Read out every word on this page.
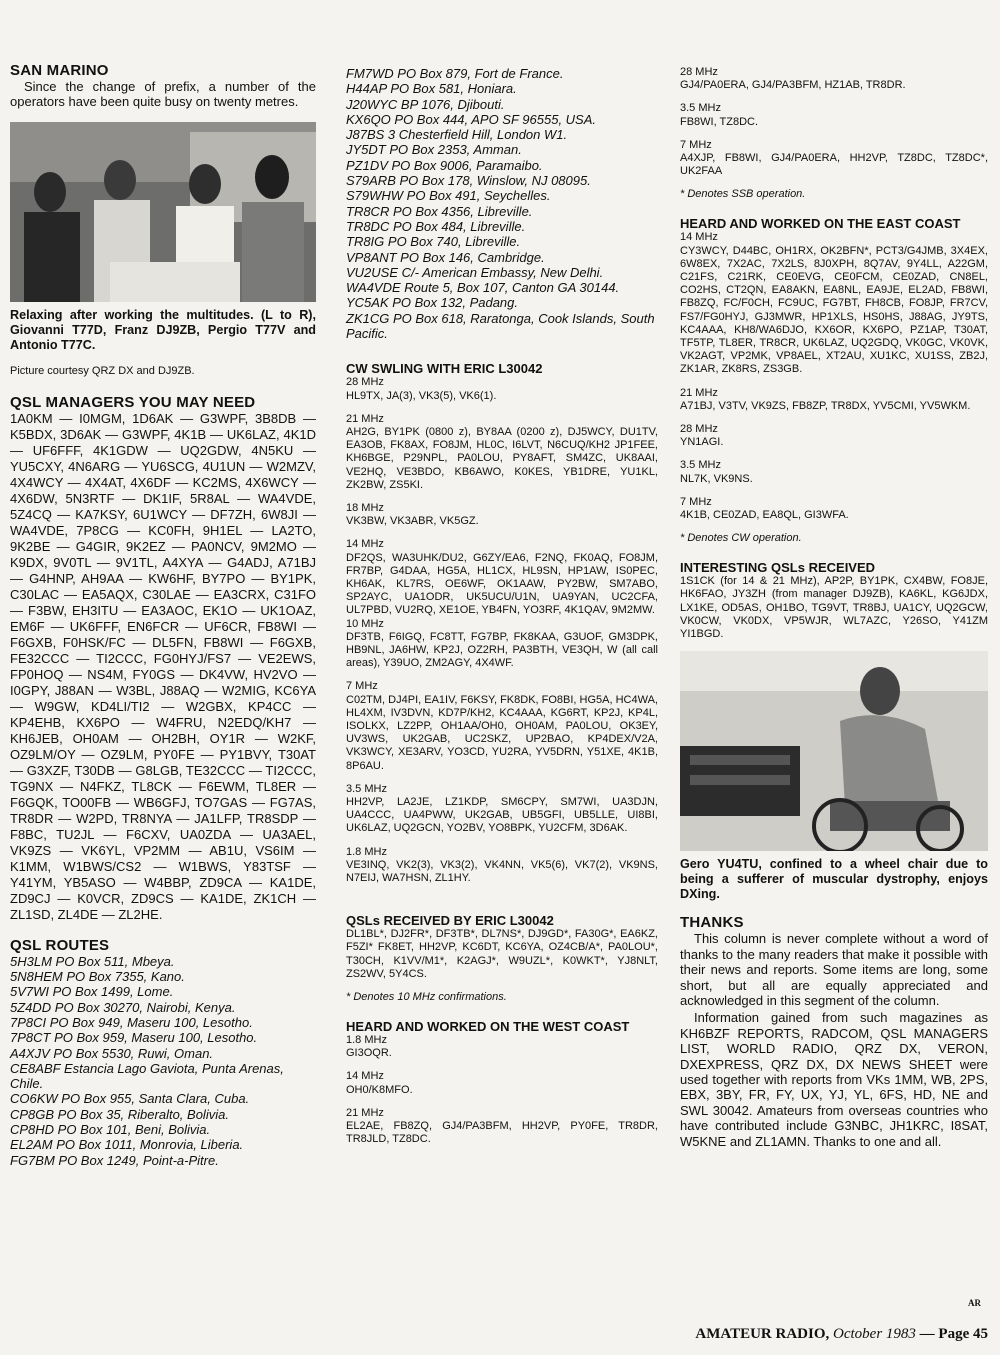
SAN MARINO

Since the change of prefix, a number of the operators have been quite busy on twenty metres.

Relaxing after working the multitudes. (L to R), Giovanni T77D, Franz DJ9ZB, Pergio T77V and Antonio T77C.

Picture courtesy QRZ DX and DJ9ZB.

QSL MANAGERS YOU MAY NEED

1A0KM — I0MGM, 1D6AK — G3WPF, 3B8DB — K5BDX, 3D6AK — G3WPF, 4K1B — UK6LAZ, 4K1D — UF6FFF, 4K1GDW — UQ2GDW, 4N5KU — YU5CXY, 4N6ARG — YU6SCG, 4U1UN — W2MZV, 4X4WCY — 4X4AT, 4X6DF — KC2MS, 4X6WCY — 4X6DW, 5N3RTF — DK1IF, 5R8AL — WA4VDE, 5Z4CQ — KA7KSY, 6U1WCY — DF7ZH, 6W8JI — WA4VDE, 7P8CG — KC0FH, 9H1EL — LA2TO, 9K2BE — G4GIR, 9K2EZ — PA0NCV, 9M2MO — K9DX, 9V0TL — 9V1TL, A4XYA — G4ADJ, A71BJ — G4HNP, AH9AA — KW6HF, BY7PO — BY1PK, C30LAC — EA5AQX, C30LAE — EA3CRX, C31FO — F3BW, EH3ITU — EA3AOC, EK1O — UK1OAZ, EM6F — UK6FFF, EN6FCR — UF6CR, FB8WI — F6GXB, F0HSK/FC — DL5FN, FB8WI — F6GXB, FE32CCC — TI2CCC, FG0HYJ/FS7 — VE2EWS, FP0HOQ — NS4M, FY0GS — DK4VW, HV2VO — I0GPY, J88AN — W3BL, J88AQ — W2MIG, KC6YA — W9GW, KD4LI/TI2 — W2GBX, KP4CC — KP4EHB, KX6PO — W4FRU, N2EDQ/KH7 — KH6JEB, OH0AM — OH2BH, OY1R — W2KF, OZ9LM/OY — OZ9LM, PY0FE — PY1BVY, T30AT — G3XZF, T30DB — G8LGB, TE32CCC — TI2CCC, TG9NX — N4FKZ, TL8CK — F6EWM, TL8ER — F6GQK, TO00FB — WB6GFJ, TO7GAS — FG7AS, TR8DR — W2PD, TR8NYA — JA1LFP, TR8SDP — F8BC, TU2JL — F6CXV, UA0ZDA — UA3AEL, VK9ZS — VK6YL, VP2MM — AB1U, VS6IM — K1MM, W1BWS/CS2 — W1BWS, Y83TSF — Y41YM, YB5ASO — W4BBP, ZD9CA — KA1DE, ZD9CJ — K0VCR, ZD9CS — KA1DE, ZK1CH — ZL1SD, ZL4DE — ZL2HE.

QSL ROUTES

5H3LM PO Box 511, Mbeya.

5N8HEM PO Box 7355, Kano.

5V7WI PO Box 1499, Lome.

5Z4DD PO Box 30270, Nairobi, Kenya.

7P8CI PO Box 949, Maseru 100, Lesotho.

7P8CT PO Box 959, Maseru 100, Lesotho.

A4XJV PO Box 5530, Ruwi, Oman.

CE8ABF Estancia Lago Gaviota, Punta Arenas, Chile.

CO6KW PO Box 955, Santa Clara, Cuba.

CP8GB PO Box 35, Riberalto, Bolivia.

CP8HD PO Box 101, Beni, Bolivia.

EL2AM PO Box 1011, Monrovia, Liberia.

FG7BM PO Box 1249, Point-a-Pitre.

FM7WD PO Box 879, Fort de France.

H44AP PO Box 581, Honiara.

J20WYC BP 1076, Djibouti.

KX6QO PO Box 444, APO SF 96555, USA.

J87BS 3 Chesterfield Hill, London W1.

JY5DT PO Box 2353, Amman.

PZ1DV PO Box 9006, Paramaibo.

S79ARB PO Box 178, Winslow, NJ 08095.

S79WHW PO Box 491, Seychelles.

TR8CR PO Box 4356, Libreville.

TR8DC PO Box 484, Libreville.

TR8IG PO Box 740, Libreville.

VP8ANT PO Box 146, Cambridge.

VU2USE C/- American Embassy, New Delhi.

WA4VDE Route 5, Box 107, Canton GA 30144.

YC5AK PO Box 132, Padang.

ZK1CG PO Box 618, Raratonga, Cook Islands, South Pacific.

CW SWLING WITH ERIC L30042

28 MHz

HL9TX, JA(3), VK3(5), VK6(1).

21 MHz

AH2G, BY1PK (0800 z), BY8AA (0200 z), DJ5WCY, DU1TV, EA3OB, FK8AX, FO8JM, HL0C, I6LVT, N6CUQ/KH2 JP1FEE, KH6BGE, P29NPL, PA0LOU, PY8AFT, SM4ZC, UK8AAI, VE2HQ, VE3BDO, KB6AWO, K0KES, YB1DRE, YU1KL, ZK2BW, ZS5KI.

18 MHz

VK3BW, VK3ABR, VK5GZ.

14 MHz

DF2QS, WA3UHK/DU2, G6ZY/EA6, F2NQ, FK0AQ, FO8JM, FR7BP, G4DAA, HG5A, HL1CX, HL9SN, HP1AW, IS0PEC, KH6AK, KL7RS, OE6WF, OK1AAW, PY2BW, SM7ABO, SP2AYC, UA1ODR, UK5UCU/U1N, UA9YAN, UC2CFA, UL7PBD, VU2RQ, XE1OE, YB4FN, YO3RF, 4K1QAV, 9M2MW.

10 MHz

DF3TB, F6IGQ, FC8TT, FG7BP, FK8KAA, G3UOF, GM3DPK, HB9NL, JA6HW, KP2J, OZ2RH, PA3BTH, VE3QH, W (all call areas), Y39UO, ZM2AGY, 4X4WF.

7 MHz

C02TM, DJ4PI, EA1IV, F6KSY, FK8DK, FO8BI, HG5A, HC4WA, HL4XM, IV3DVN, KD7P/KH2, KC4AAA, KG6RT, KP2J, KP4L, ISOLKX, LZ2PP, OH1AA/OH0, OH0AM, PA0LOU, OK3EY, UV3WS, UK2GAB, UC2SKZ, UP2BAO, KP4DEX/V2A, VK3WCY, XE3ARV, YO3CD, YU2RA, YV5DRN, Y51XE, 4K1B, 8P6AU.

3.5 MHz

HH2VP, LA2JE, LZ1KDP, SM6CPY, SM7WI, UA3DJN, UA4CCC, UA4PWW, UK2GAB, UB5GFI, UB5LLE, UI8BI, UK6LAZ, UQ2GCN, YO2BV, YO8BPK, YU2CFM, 3D6AK.

1.8 MHz

VE3INQ, VK2(3), VK3(2), VK4NN, VK5(6), VK7(2), VK9NS, N7EIJ, WA7HSN, ZL1HY.

QSLs RECEIVED BY ERIC L30042

DL1BL*, DJ2FR*, DF3TB*, DL7NS*, DJ9GD*, FA30G*, EA6KZ, F5ZI* FK8ET, HH2VP, KC6DT, KC6YA, OZ4CB/A*, PA0LOU*, T30CH, K1VV/M1*, K2AGJ*, W9UZL*, K0WKT*, YJ8NLT, ZS2WV, 5Y4CS.

* Denotes 10 MHz confirmations.

HEARD AND WORKED ON THE WEST COAST

1.8 MHz

GI3OQR.

14 MHz

OH0/K8MFO.

21 MHz

EL2AE, FB8ZQ, GJ4/PA3BFM, HH2VP, PY0FE, TR8DR, TR8JLD, TZ8DC.

28 MHz

GJ4/PA0ERA, GJ4/PA3BFM, HZ1AB, TR8DR.

3.5 MHz

FB8WI, TZ8DC.

7 MHz

A4XJP, FB8WI, GJ4/PA0ERA, HH2VP, TZ8DC, TZ8DC*, UK2FAA

* Denotes SSB operation.

HEARD AND WORKED ON THE EAST COAST

14 MHz

CY3WCY, D44BC, OH1RX, OK2BFN*, PCT3/G4JMB, 3X4EX, 6W8EX, 7X2AC, 7X2LS, 8J0XPH, 8Q7AV, 9Y4LL, A22GM, C21FS, C21RK, CE0EVG, CE0FCM, CE0ZAD, CN8EL, CO2HS, CT2QN, EA8AKN, EA8NL, EA9JE, EL2AD, FB8WI, FB8ZQ, FC/F0CH, FC9UC, FG7BT, FH8CB, FO8JP, FR7CV, FS7/FG0HYJ, GJ3MWR, HP1XLS, HS0HS, J88AG, JY9TS, KC4AAA, KH8/WA6DJO, KX6OR, KX6PO, PZ1AP, T30AT, TF5TP, TL8ER, TR8CR, UK6LAZ, UQ2GDQ, VK0GC, VK0VK, VK2AGT, VP2MK, VP8AEL, XT2AU, XU1KC, XU1SS, ZB2J, ZK1AR, ZK8RS, ZS3GB.

21 MHz

A71BJ, V3TV, VK9ZS, FB8ZP, TR8DX, YV5CMI, YV5WKM.

28 MHz

YN1AGI.

3.5 MHz

NL7K, VK9NS.

7 MHz

4K1B, CE0ZAD, EA8QL, GI3WFA.

* Denotes CW operation.

INTERESTING QSLs RECEIVED

1S1CK (for 14 & 21 MHz), AP2P, BY1PK, CX4BW, FO8JE, HK6FAO, JY3ZH (from manager DJ9ZB), KA6KL, KG6JDX, LX1KE, OD5AS, OH1BO, TG9VT, TR8BJ, UA1CY, UQ2GCW, VK0CW, VK0DX, VP5WJR, WL7AZC, Y26SO, Y41ZM YI1BGD.

Gero YU4TU, confined to a wheel chair due to being a sufferer of muscular dystrophy, enjoys DXing.

THANKS

This column is never complete without a word of thanks to the many readers that make it possible with their news and reports. Some items are long, some short, but all are equally appreciated and acknowledged in this segment of the column.

Information gained from such magazines as KH6BZF REPORTS, RADCOM, QSL MANAGERS LIST, WORLD RADIO, QRZ DX, VERON, DXEXPRESS, QRZ DX, DX NEWS SHEET were used together with reports from VKs 1MM, WB, 2PS, EBX, 3BY, FR, FY, UX, YJ, YL, 6FS, HD, NE and SWL 30042. Amateurs from overseas countries who have contributed include G3NBC, JH1KRC, I8SAT, W5KNE and ZL1AMN. Thanks to one and all.

AR
AMATEUR RADIO, October 1983 — Page 45
